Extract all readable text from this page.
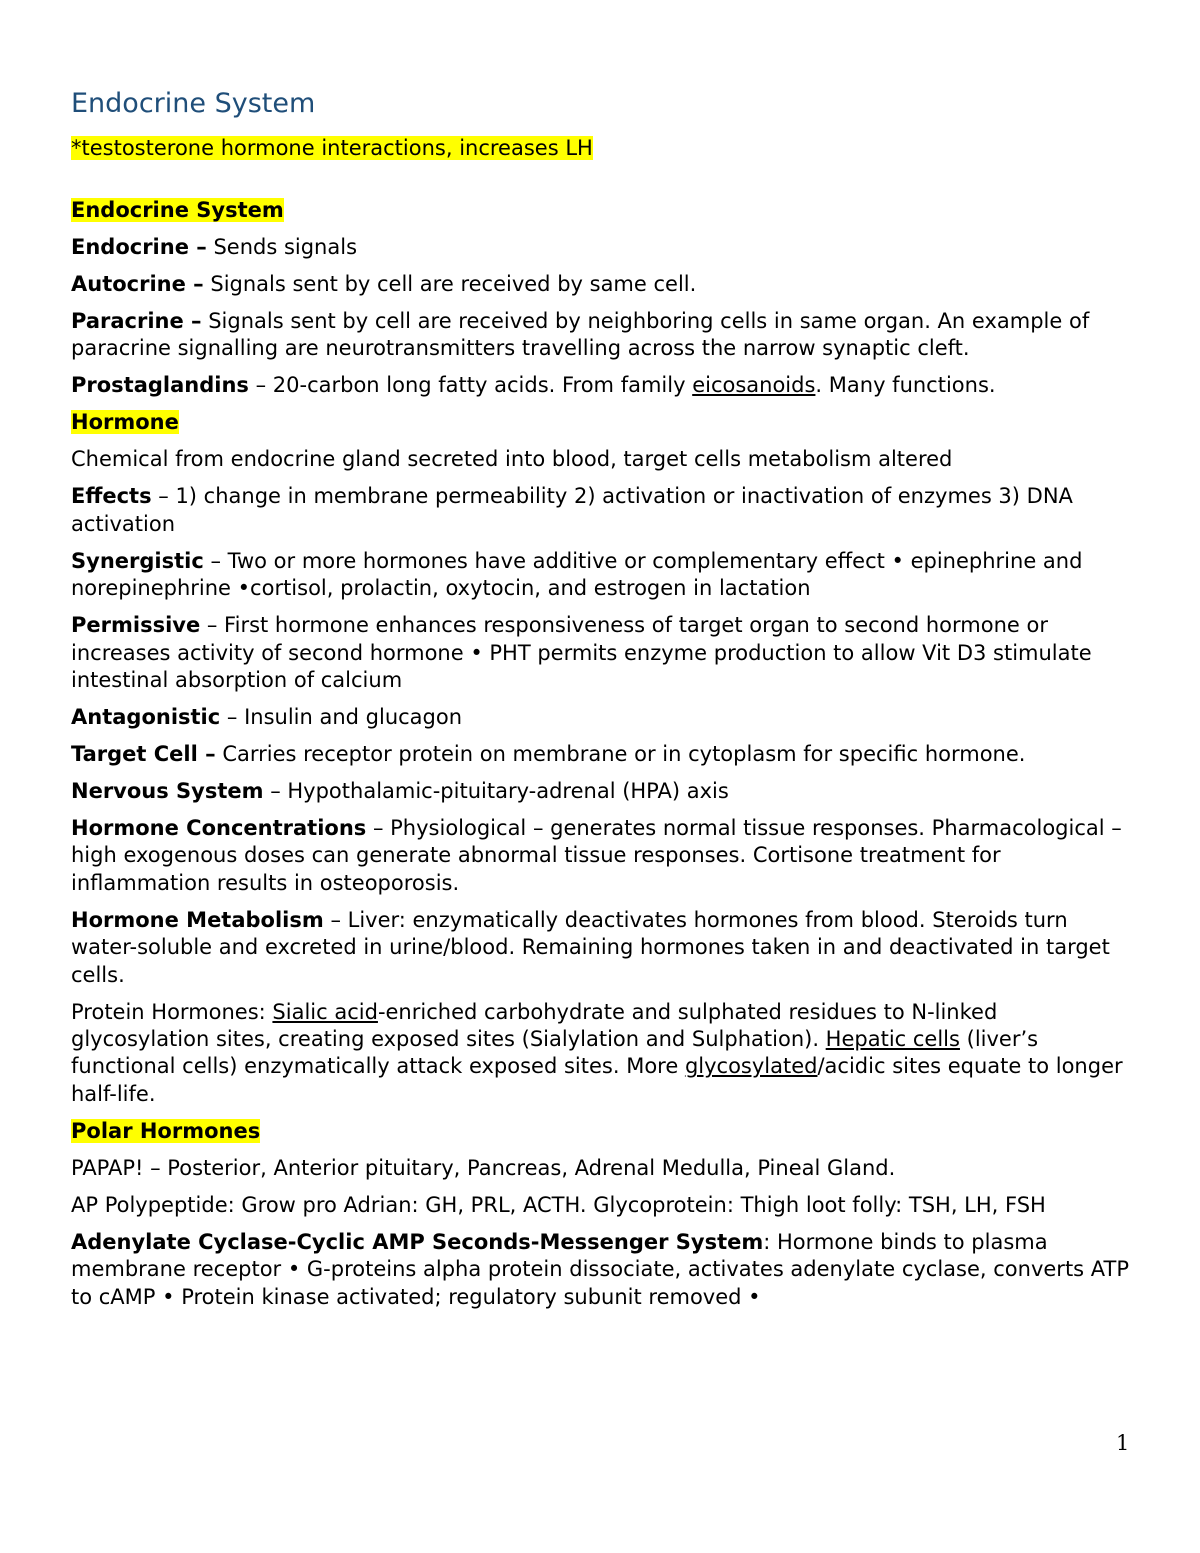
Endocrine System

*testosterone hormone interactions, increases LH

Endocrine System

Endocrine – Sends signals

Autocrine – Signals sent by cell are received by same cell.

Paracrine – Signals sent by cell are received by neighboring cells in same organ. An example of paracrine signalling are neurotransmitters travelling across the narrow synaptic cleft.

Prostaglandins – 20-carbon long fatty acids. From family eicosanoids. Many functions.

Hormone

Chemical from endocrine gland secreted into blood, target cells metabolism altered

Effects – 1) change in membrane permeability 2) activation or inactivation of enzymes 3) DNA activation

Synergistic – Two or more hormones have additive or complementary effect • epinephrine and norepinephrine •cortisol, prolactin, oxytocin, and estrogen in lactation

Permissive – First hormone enhances responsiveness of target organ to second hormone or increases activity of second hormone • PHT permits enzyme production to allow Vit D3 stimulate intestinal absorption of calcium

Antagonistic – Insulin and glucagon

Target Cell – Carries receptor protein on membrane or in cytoplasm for specific hormone.

Nervous System – Hypothalamic-pituitary-adrenal (HPA) axis

Hormone Concentrations – Physiological – generates normal tissue responses. Pharmacological – high exogenous doses can generate abnormal tissue responses. Cortisone treatment for inflammation results in osteoporosis.

Hormone Metabolism – Liver: enzymatically deactivates hormones from blood. Steroids turn water-soluble and excreted in urine/blood. Remaining hormones taken in and deactivated in target cells.

Protein Hormones: Sialic acid-enriched carbohydrate and sulphated residues to N-linked glycosylation sites, creating exposed sites (Sialylation and Sulphation). Hepatic cells (liver’s functional cells) enzymatically attack exposed sites. More glycosylated/acidic sites equate to longer half-life.

Polar Hormones

PAPAP! – Posterior, Anterior pituitary, Pancreas, Adrenal Medulla, Pineal Gland.

AP Polypeptide: Grow pro Adrian: GH, PRL, ACTH. Glycoprotein: Thigh loot folly: TSH, LH, FSH

Adenylate Cyclase-Cyclic AMP Seconds-Messenger System: Hormone binds to plasma membrane receptor • G-proteins alpha protein dissociate, activates adenylate cyclase, converts ATP to cAMP • Protein kinase activated; regulatory subunit removed •

1
